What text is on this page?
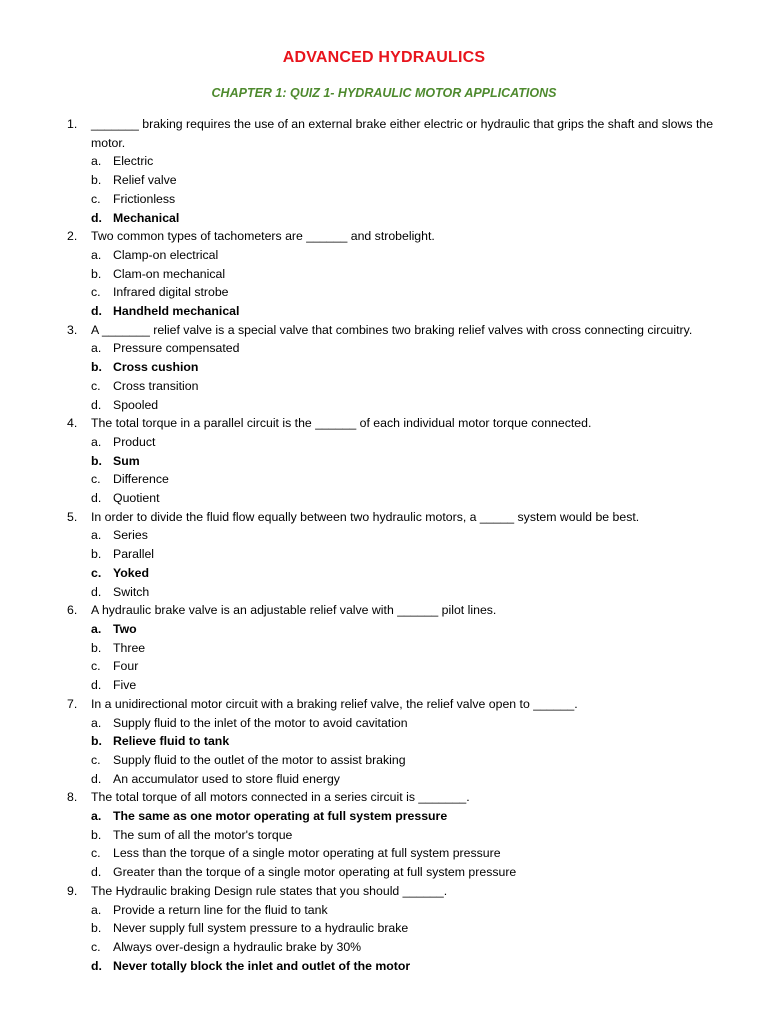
ADVANCED HYDRAULICS
CHAPTER 1: QUIZ 1- HYDRAULIC MOTOR APPLICATIONS
1. _______ braking requires the use of an external brake either electric or hydraulic that grips the shaft and slows the motor.
a. Electric
b. Relief valve
c. Frictionless
d. Mechanical
2. Two common types of tachometers are ______ and strobelight.
a. Clamp-on electrical
b. Clam-on mechanical
c. Infrared digital strobe
d. Handheld mechanical
3. A _______ relief valve is a special valve that combines two braking relief valves with cross connecting circuitry.
a. Pressure compensated
b. Cross cushion
c. Cross transition
d. Spooled
4. The total torque in a parallel circuit is the ______ of each individual motor torque connected.
a. Product
b. Sum
c. Difference
d. Quotient
5. In order to divide the fluid flow equally between two hydraulic motors, a _____ system would be best.
a. Series
b. Parallel
c. Yoked
d. Switch
6. A hydraulic brake valve is an adjustable relief valve with ______ pilot lines.
a. Two
b. Three
c. Four
d. Five
7. In a unidirectional motor circuit with a braking relief valve, the relief valve open to ______.
a. Supply fluid to the inlet of the motor to avoid cavitation
b. Relieve fluid to tank
c. Supply fluid to the outlet of the motor to assist braking
d. An accumulator used to store fluid energy
8. The total torque of all motors connected in a series circuit is _______.
a. The same as one motor operating at full system pressure
b. The sum of all the motor's torque
c. Less than the torque of a single motor operating at full system pressure
d. Greater than the torque of a single motor operating at full system pressure
9. The Hydraulic braking Design rule states that you should ______.
a. Provide a return line for the fluid to tank
b. Never supply full system pressure to a hydraulic brake
c. Always over-design a hydraulic brake by 30%
d. Never totally block the inlet and outlet of the motor
